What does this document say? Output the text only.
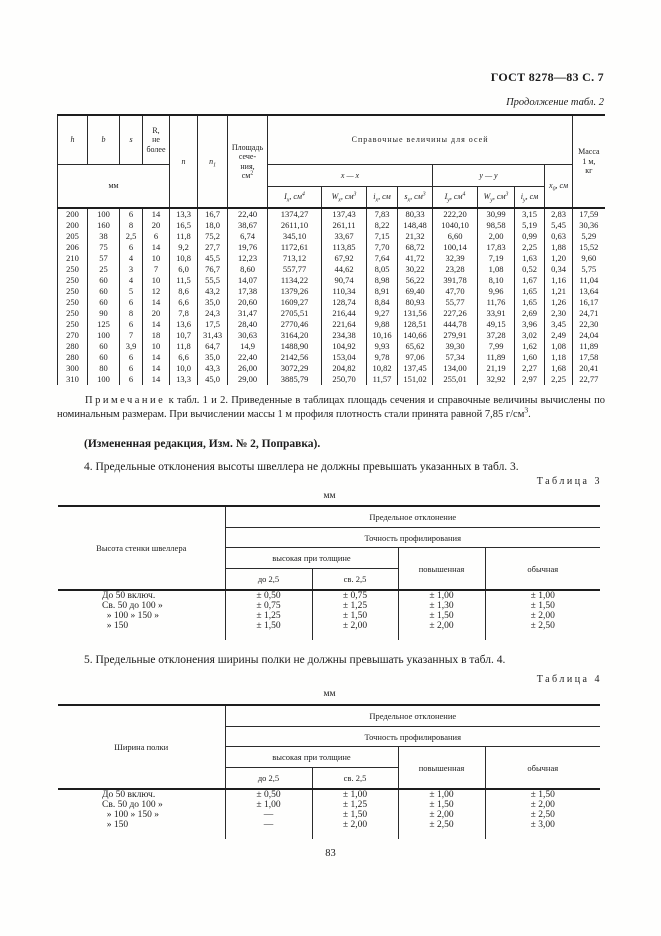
ГОСТ 8278—83 С. 7
Продолжение табл. 2
h	b	s	R,
не
более	n	$n_1$	Площадь
сече-
ния,
$см^2$	Справочные величины для осей								Масса
1 м,
кг
мм							x — x				y — y			$x_0$, см	
							$I_x$, $см^4$	$W_x$, $см^3$	$i_x$, см	$s_x$, $см^3$	$I_y$, $см^4$	$W_y$, $см^3$	$i_y$, см		
200	100	6	14	13,3	16,7	22,40	1374,27	137,43	7,83	80,33	222,20	30,99	3,15	2,83	17,59
200	160	8	20	16,5	18,0	38,67	2611,10	261,11	8,22	148,48	1040,10	98,58	5,19	5,45	30,36
205	38	2,5	6	11,8	75,2	6,74	345,10	33,67	7,15	21,32	6,60	2,00	0,99	0,63	5,29
206	75	6	14	9,2	27,7	19,76	1172,61	113,85	7,70	68,72	100,14	17,83	2,25	1,88	15,52
210	57	4	10	10,8	45,5	12,23	713,12	67,92	7,64	41,72	32,39	7,19	1,63	1,20	9,60
250	25	3	7	6,0	76,7	8,60	557,77	44,62	8,05	30,22	23,28	1,08	0,52	0,34	5,75
250	60	4	10	11,5	55,5	14,07	1134,22	90,74	8,98	56,22	391,78	8,10	1,67	1,16	11,04
250	60	5	12	8,6	43,2	17,38	1379,26	110,34	8,91	69,40	47,70	9,96	1,65	1,21	13,64
250	60	6	14	6,6	35,0	20,60	1609,27	128,74	8,84	80,93	55,77	11,76	1,65	1,26	16,17
250	90	8	20	7,8	24,3	31,47	2705,51	216,44	9,27	131,56	227,26	33,91	2,69	2,30	24,71
250	125	6	14	13,6	17,5	28,40	2770,46	221,64	9,88	128,51	444,78	49,15	3,96	3,45	22,30
270	100	7	18	10,7	31,43	30,63	3164,20	234,38	10,16	140,66	279,91	37,28	3,02	2,49	24,04
280	60	3,9	10	11,8	64,7	14,9	1488,90	104,92	9,93	65,62	39,30	7,99	1,62	1,08	11,89
280	60	6	14	6,6	35,0	22,40	2142,56	153,04	9,78	97,06	57,34	11,89	1,60	1,18	17,58
300	80	6	14	10,0	43,3	26,00	3072,29	204,82	10,82	137,45	134,00	21,19	2,27	1,68	20,41
310	100	6	14	13,3	45,0	29,00	3885,79	250,70	11,57	151,02	255,01	32,92	2,97	2,25	22,77

Примечание к табл. 1 и 2. Приведенные в таблицах площадь сечения и справочные величины вычислены по номинальным размерам. При вычислении массы 1 м профиля плотность стали принята равной 7,85 $г/см^3$.

(Измененная редакция, Изм. № 2, Поправка).

4. Предельные отклонения высоты швеллера не должны превышать указанных в табл. 3.

Таблица 3
мм
Высота стенки швеллера	Предельное отклонение			
	Точность профилирования			
	высокая при толщине		повышенная	обычная
	до 2,5	св. 2,5		
До 50 включ.	± 0,50	± 0,75	± 1,00	± 1,00
Св. 50 до 100 »	± 0,75	± 1,25	± 1,30	± 1,50
» 100 » 150 »	± 1,25	± 1,50	± 1,50	± 2,00
» 150	± 1,50	± 2,00	± 2,00	± 2,50

5. Предельные отклонения ширины полки не должны превышать указанных в табл. 4.

Таблица 4
мм
Ширина полки	Предельное отклонение			
	Точность профилирования			
	высокая при толщине		повышенная	обычная
	до 2,5	св. 2,5		
До 50 включ.	± 0,50	± 1,00	± 1,00	± 1,50
Св. 50 до 100 »	± 1,00	± 1,25	± 1,50	± 2,00
» 100 » 150 »	—	± 1,50	± 2,00	± 2,50
» 150	—	± 2,00	± 2,50	± 3,00
83
